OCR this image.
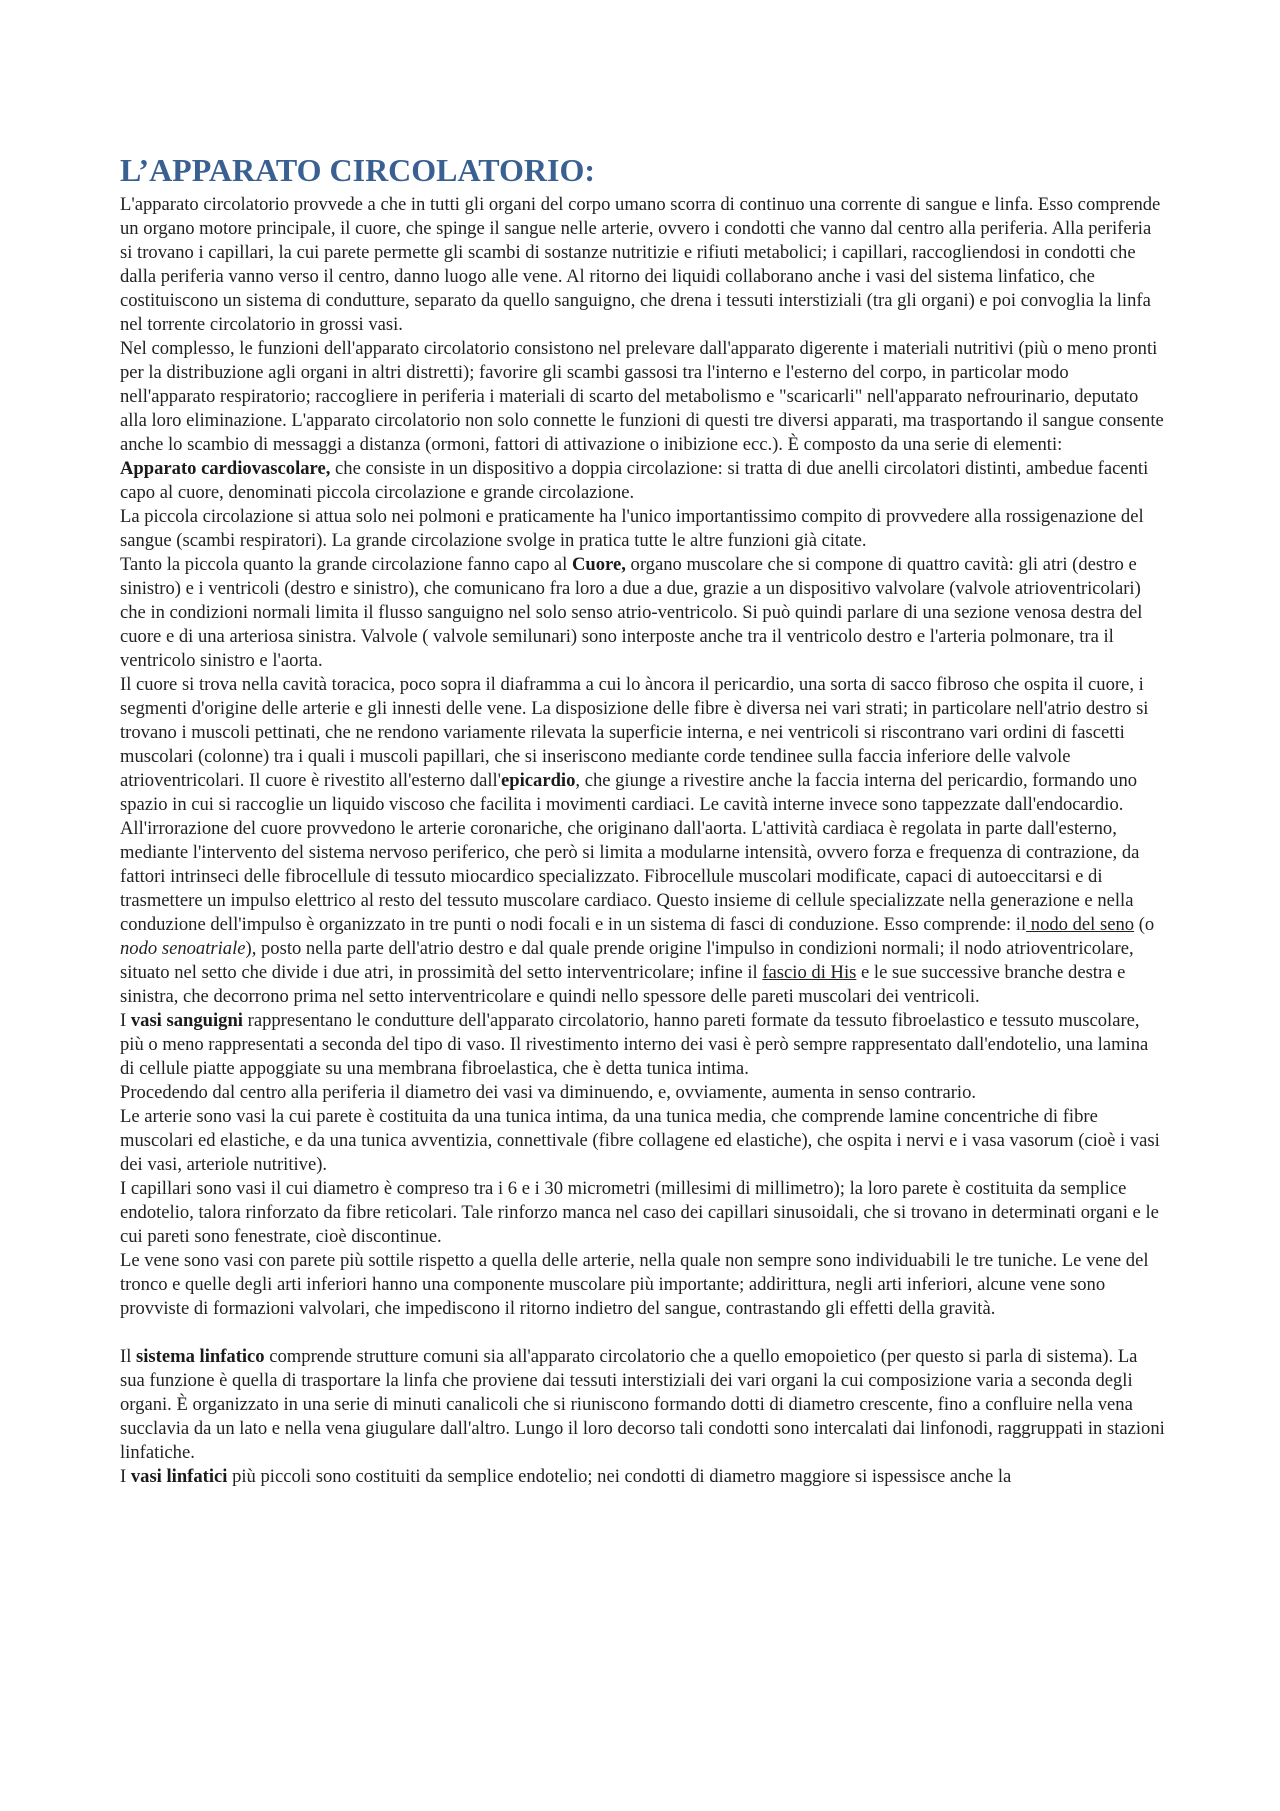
L’APPARATO CIRCOLATORIO:

L'apparato circolatorio provvede a che in tutti gli organi del corpo umano scorra di continuo una corrente di sangue e linfa. Esso comprende un organo motore principale, il cuore, che spinge il sangue nelle arterie, ovvero i condotti che vanno dal centro alla periferia. Alla periferia si trovano i capillari, la cui parete permette gli scambi di sostanze nutritizie e rifiuti metabolici; i capillari, raccogliendosi in condotti che dalla periferia vanno verso il centro, danno luogo alle vene. Al ritorno dei liquidi collaborano anche i vasi del sistema linfatico, che costituiscono un sistema di condutture, separato da quello sanguigno, che drena i tessuti interstiziali (tra gli organi) e poi convoglia la linfa nel torrente circolatorio in grossi vasi.

Nel complesso, le funzioni dell'apparato circolatorio consistono nel prelevare dall'apparato digerente i materiali nutritivi (più o meno pronti per la distribuzione agli organi in altri distretti); favorire gli scambi gassosi tra l'interno e l'esterno del corpo, in particolar modo nell'apparato respiratorio; raccogliere in periferia i materiali di scarto del metabolismo e "scaricarli" nell'apparato nefrourinario, deputato alla loro eliminazione. L'apparato circolatorio non solo connette le funzioni di questi tre diversi apparati, ma trasportando il sangue consente anche lo scambio di messaggi a distanza (ormoni, fattori di attivazione o inibizione ecc.). È composto da una serie di elementi:

Apparato cardiovascolare, che consiste in un dispositivo a doppia circolazione: si tratta di due anelli circolatori distinti, ambedue facenti capo al cuore, denominati piccola circolazione e grande circolazione.

La piccola circolazione si attua solo nei polmoni e praticamente ha l'unico importantissimo compito di provvedere alla rossigenazione del sangue (scambi respiratori). La grande circolazione svolge in pratica tutte le altre funzioni già citate.

Tanto la piccola quanto la grande circolazione fanno capo al Cuore, organo muscolare che si compone di quattro cavità: gli atri (destro e sinistro) e i ventricoli (destro e sinistro), che comunicano fra loro a due a due, grazie a un dispositivo valvolare (valvole atrioventricolari) che in condizioni normali limita il flusso sanguigno nel solo senso atrio-ventricolo. Si può quindi parlare di una sezione venosa destra del cuore e di una arteriosa sinistra. Valvole ( valvole semilunari) sono interposte anche tra il ventricolo destro e l'arteria polmonare, tra il ventricolo sinistro e l'aorta.

Il cuore si trova nella cavità toracica, poco sopra il diaframma a cui lo àncora il pericardio, una sorta di sacco fibroso che ospita il cuore, i segmenti d'origine delle arterie e gli innesti delle vene. La disposizione delle fibre è diversa nei vari strati; in particolare nell'atrio destro si trovano i muscoli pettinati, che ne rendono variamente rilevata la superficie interna, e nei ventricoli si riscontrano vari ordini di fascetti muscolari (colonne) tra i quali i muscoli papillari, che si inseriscono mediante corde tendinee sulla faccia inferiore delle valvole atrioventricolari. Il cuore è rivestito all'esterno dall'epicardio, che giunge a rivestire anche la faccia interna del pericardio, formando uno spazio in cui si raccoglie un liquido viscoso che facilita i movimenti cardiaci. Le cavità interne invece sono tappezzate dall'endocardio.

All'irrorazione del cuore provvedono le arterie coronariche, che originano dall'aorta. L'attività cardiaca è regolata in parte dall'esterno, mediante l'intervento del sistema nervoso periferico, che però si limita a modularne intensità, ovvero forza e frequenza di contrazione, da fattori intrinseci delle fibrocellule di tessuto miocardico specializzato. Fibrocellule muscolari modificate, capaci di autoeccitarsi e di trasmettere un impulso elettrico al resto del tessuto muscolare cardiaco. Questo insieme di cellule specializzate nella generazione e nella conduzione dell'impulso è organizzato in tre punti o nodi focali e in un sistema di fasci di conduzione. Esso comprende: il nodo del seno (o nodo senoatriale), posto nella parte dell'atrio destro e dal quale prende origine l'impulso in condizioni normali; il nodo atrioventricolare, situato nel setto che divide i due atri, in prossimità del setto interventricolare; infine il fascio di His e le sue successive branche destra e sinistra, che decorrono prima nel setto interventricolare e quindi nello spessore delle pareti muscolari dei ventricoli.

I vasi sanguigni rappresentano le condutture dell'apparato circolatorio, hanno pareti formate da tessuto fibroelastico e tessuto muscolare, più o meno rappresentati a seconda del tipo di vaso. Il rivestimento interno dei vasi è però sempre rappresentato dall'endotelio, una lamina di cellule piatte appoggiate su una membrana fibroelastica, che è detta tunica intima.

Procedendo dal centro alla periferia il diametro dei vasi va diminuendo, e, ovviamente, aumenta in senso contrario.

Le arterie sono vasi la cui parete è costituita da una tunica intima, da una tunica media, che comprende lamine concentriche di fibre muscolari ed elastiche, e da una tunica avventizia, connettivale (fibre collagene ed elastiche), che ospita i nervi e i vasa vasorum (cioè i vasi dei vasi, arteriole nutritive).

I capillari sono vasi il cui diametro è compreso tra i 6 e i 30 micrometri (millesimi di millimetro); la loro parete è costituita da semplice endotelio, talora rinforzato da fibre reticolari. Tale rinforzo manca nel caso dei capillari sinusoidali, che si trovano in determinati organi e le cui pareti sono fenestrate, cioè discontinue.

Le vene sono vasi con parete più sottile rispetto a quella delle arterie, nella quale non sempre sono individuabili le tre tuniche. Le vene del tronco e quelle degli arti inferiori hanno una componente muscolare più importante; addirittura, negli arti inferiori, alcune vene sono provviste di formazioni valvolari, che impediscono il ritorno indietro del sangue, contrastando gli effetti della gravità.

Il sistema linfatico comprende strutture comuni sia all'apparato circolatorio che a quello emopoietico (per questo si parla di sistema). La sua funzione è quella di trasportare la linfa che proviene dai tessuti interstiziali dei vari organi la cui composizione varia a seconda degli organi. È organizzato in una serie di minuti canalicoli che si riuniscono formando dotti di diametro crescente, fino a confluire nella vena succlavia da un lato e nella vena giugulare dall'altro. Lungo il loro decorso tali condotti sono intercalati dai linfonodi, raggruppati in stazioni linfatiche.

I vasi linfatici più piccoli sono costituiti da semplice endotelio; nei condotti di diametro maggiore si ispessisce anche la
